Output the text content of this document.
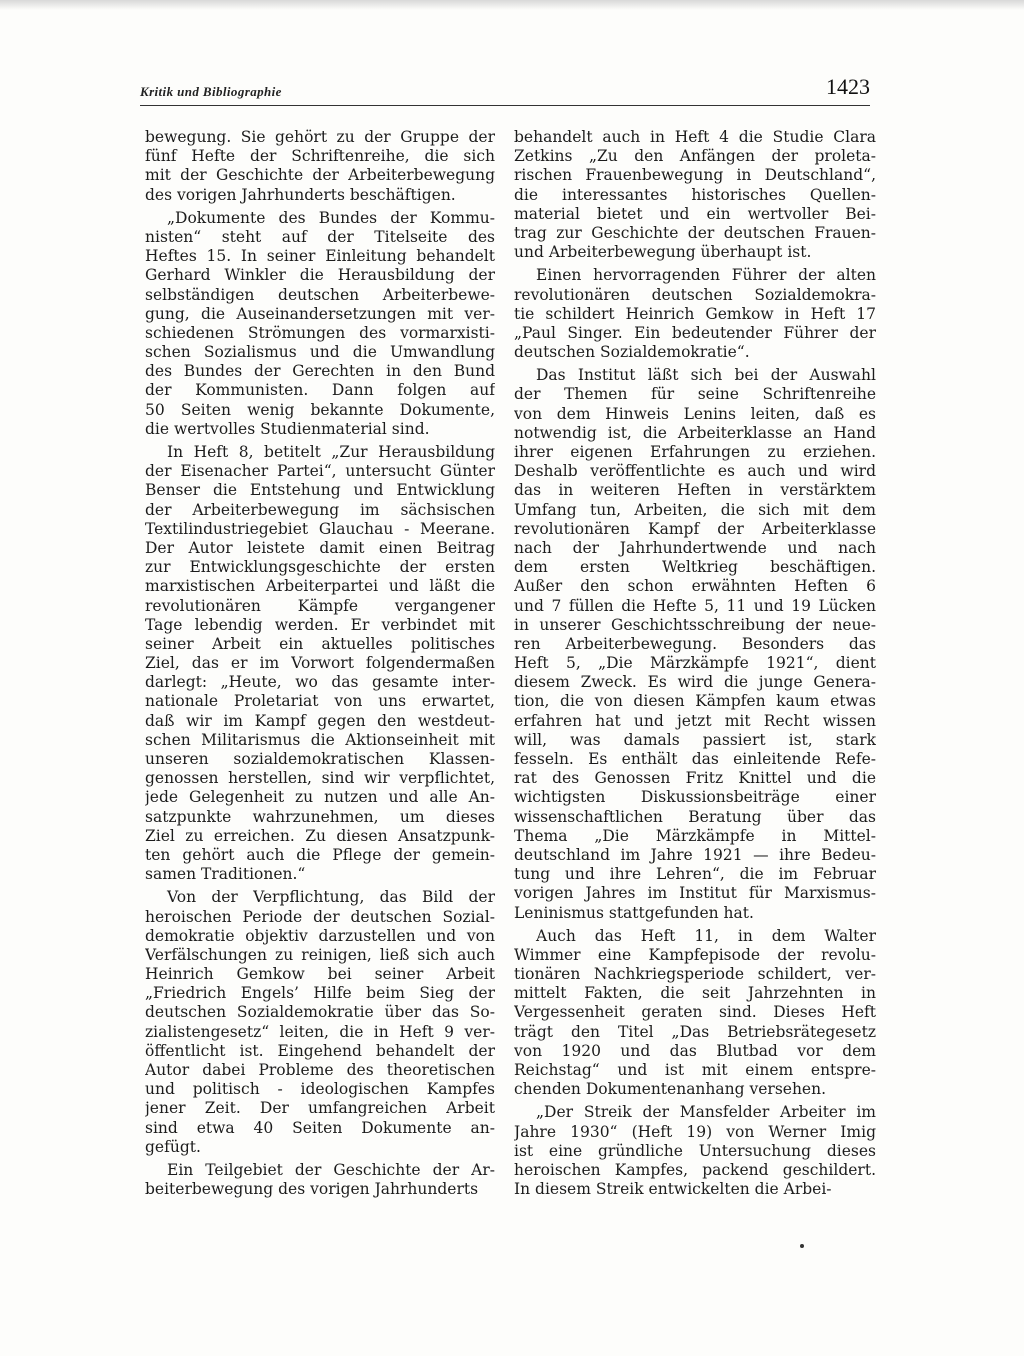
Kritik und Bibliographie	1423
bewegung. Sie gehört zu der Gruppe der
fünf Hefte der Schriftenreihe, die sich
mit der Geschichte der Arbeiterbewegung
des vorigen Jahrhunderts beschäftigen.
„Dokumente des Bundes der Kommu-
nisten“ steht auf der Titelseite des
Heftes 15. In seiner Einleitung behandelt
Gerhard Winkler die Herausbildung der
selbständigen deutschen Arbeiterbewe-
gung, die Auseinandersetzungen mit ver-
schiedenen Strömungen des vormarxisti-
schen Sozialismus und die Umwandlung
des Bundes der Gerechten in den Bund
der Kommunisten. Dann folgen auf
50 Seiten wenig bekannte Dokumente,
die wertvolles Studienmaterial sind.
In Heft 8, betitelt „Zur Herausbildung
der Eisenacher Partei“, untersucht Günter
Benser die Entstehung und Entwicklung
der Arbeiterbewegung im sächsischen
Textilindustriegebiet Glauchau - Meerane.
Der Autor leistete damit einen Beitrag
zur Entwicklungsgeschichte der ersten
marxistischen Arbeiterpartei und läßt die
revolutionären Kämpfe vergangener
Tage lebendig werden. Er verbindet mit
seiner Arbeit ein aktuelles politisches
Ziel, das er im Vorwort folgendermaßen
darlegt: „Heute, wo das gesamte inter-
nationale Proletariat von uns erwartet,
daß wir im Kampf gegen den westdeut-
schen Militarismus die Aktionseinheit mit
unseren sozialdemokratischen Klassen-
genossen herstellen, sind wir verpflichtet,
jede Gelegenheit zu nutzen und alle An-
satzpunkte wahrzunehmen, um dieses
Ziel zu erreichen. Zu diesen Ansatzpunk-
ten gehört auch die Pflege der gemein-
samen Traditionen.“
Von der Verpflichtung, das Bild der
heroischen Periode der deutschen Sozial-
demokratie objektiv darzustellen und von
Verfälschungen zu reinigen, ließ sich auch
Heinrich Gemkow bei seiner Arbeit
„Friedrich Engels’ Hilfe beim Sieg der
deutschen Sozialdemokratie über das So-
zialistengesetz“ leiten, die in Heft 9 ver-
öffentlicht ist. Eingehend behandelt der
Autor dabei Probleme des theoretischen
und politisch - ideologischen Kampfes
jener Zeit. Der umfangreichen Arbeit
sind etwa 40 Seiten Dokumente an-
gefügt.
Ein Teilgebiet der Geschichte der Ar-
beiterbewegung des vorigen Jahrhunderts
behandelt auch in Heft 4 die Studie Clara
Zetkins „Zu den Anfängen der proleta-
rischen Frauenbewegung in Deutschland“,
die interessantes historisches Quellen-
material bietet und ein wertvoller Bei-
trag zur Geschichte der deutschen Frauen-
und Arbeiterbewegung überhaupt ist.
Einen hervorragenden Führer der alten
revolutionären deutschen Sozialdemokra-
tie schildert Heinrich Gemkow in Heft 17
„Paul Singer. Ein bedeutender Führer der
deutschen Sozialdemokratie“.
Das Institut läßt sich bei der Auswahl
der Themen für seine Schriftenreihe
von dem Hinweis Lenins leiten, daß es
notwendig ist, die Arbeiterklasse an Hand
ihrer eigenen Erfahrungen zu erziehen.
Deshalb veröffentlichte es auch und wird
das in weiteren Heften in verstärktem
Umfang tun, Arbeiten, die sich mit dem
revolutionären Kampf der Arbeiterklasse
nach der Jahrhundertwende und nach
dem ersten Weltkrieg beschäftigen.
Außer den schon erwähnten Heften 6
und 7 füllen die Hefte 5, 11 und 19 Lücken
in unserer Geschichtsschreibung der neue-
ren Arbeiterbewegung. Besonders das
Heft 5, „Die Märzkämpfe 1921“, dient
diesem Zweck. Es wird die junge Genera-
tion, die von diesen Kämpfen kaum etwas
erfahren hat und jetzt mit Recht wissen
will, was damals passiert ist, stark
fesseln. Es enthält das einleitende Refe-
rat des Genossen Fritz Knittel und die
wichtigsten Diskussionsbeiträge einer
wissenschaftlichen Beratung über das
Thema „Die Märzkämpfe in Mittel-
deutschland im Jahre 1921 — ihre Bedeu-
tung und ihre Lehren“, die im Februar
vorigen Jahres im Institut für Marxismus-
Leninismus stattgefunden hat.
Auch das Heft 11, in dem Walter
Wimmer eine Kampfepisode der revolu-
tionären Nachkriegsperiode schildert, ver-
mittelt Fakten, die seit Jahrzehnten in
Vergessenheit geraten sind. Dieses Heft
trägt den Titel „Das Betriebsrätegesetz
von 1920 und das Blutbad vor dem
Reichstag“ und ist mit einem entspre-
chenden Dokumentenanhang versehen.
„Der Streik der Mansfelder Arbeiter im
Jahre 1930“ (Heft 19) von Werner Imig
ist eine gründliche Untersuchung dieses
heroischen Kampfes, packend geschildert.
In diesem Streik entwickelten die Arbei-
